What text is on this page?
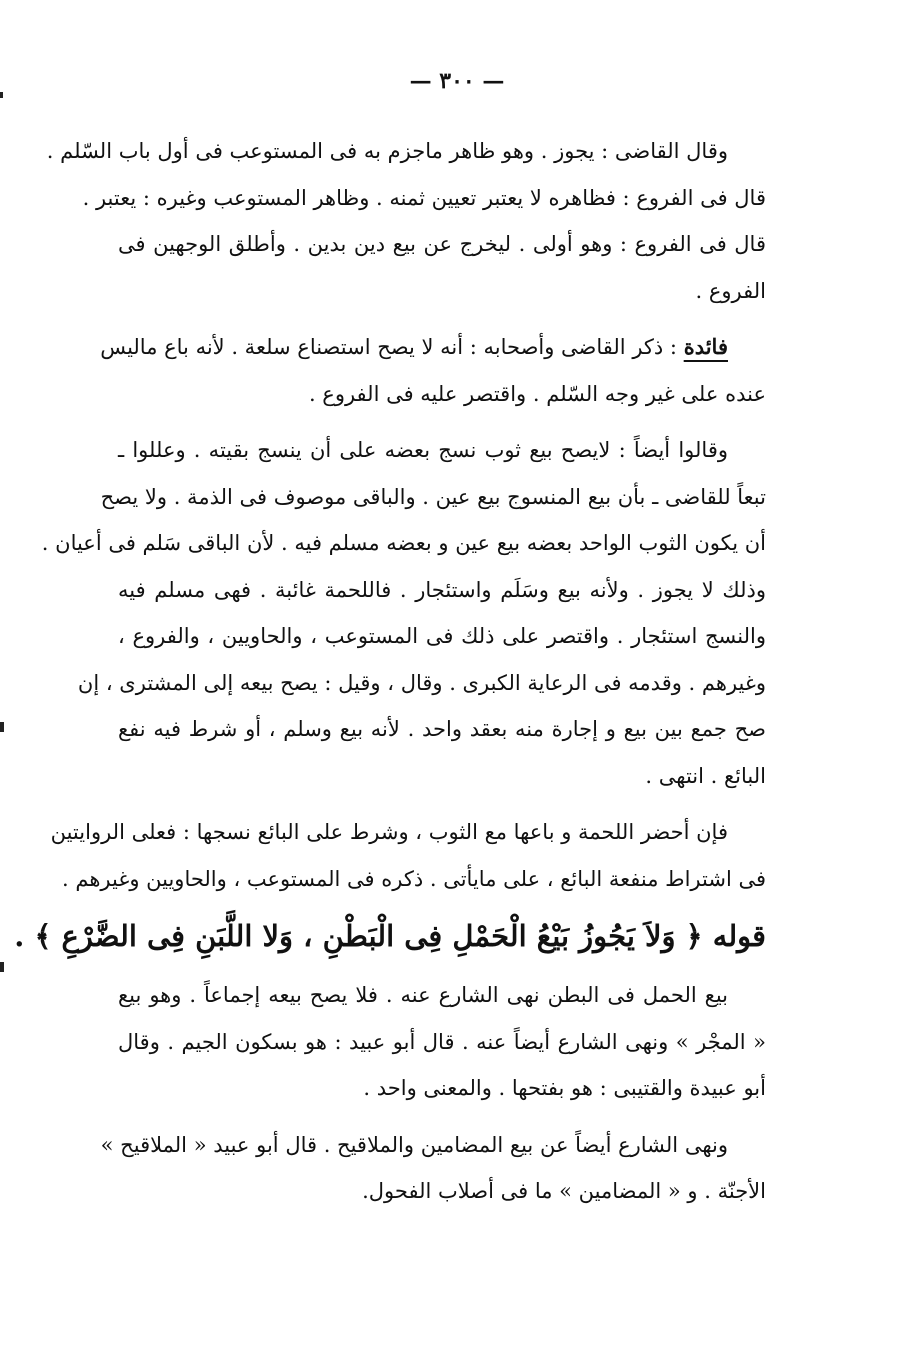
— ٣٠٠ —
وقال القاضى : يجوز . وهو ظاهر ماجزم به فى المستوعب فى أول باب السّلم .
قال فى الفروع : فظاهره لا يعتبر تعيين ثمنه . وظاهر المستوعب وغيره : يعتبر .
قال فى الفروع : وهو أولى . ليخرج عن بيع دين بدين . وأطلق الوجهين فى
الفروع .
فائدة : ذكر القاضى وأصحابه : أنه لا يصح استصناع سلعة . لأنه باع ماليس
عنده على غير وجه السّلم . واقتصر عليه فى الفروع .
وقالوا أيضاً : لايصح بيع ثوب نسج بعضه على أن ينسج بقيته . وعللوا ـ
تبعاً للقاضى ـ بأن بيع المنسوج بيع عين . والباقى موصوف فى الذمة . ولا يصح
أن يكون الثوب الواحد بعضه بيع عين و بعضه مسلم فيه . لأن الباقى سَلم فى أعيان .
وذلك لا يجوز . ولأنه بيع وسَلَم واستئجار . فاللحمة غائبة . فهى مسلم فيه
والنسج استئجار . واقتصر على ذلك فى المستوعب ، والحاويين ، والفروع ،
وغيرهم . وقدمه فى الرعاية الكبرى . وقال ، وقيل : يصح بيعه إلى المشترى ، إن
صح جمع بين بيع و إجارة منه بعقد واحد . لأنه بيع وسلم ، أو شرط فيه نفع
البائع . انتهى .
فإن أحضر اللحمة و باعها مع الثوب ، وشرط على البائع نسجها : فعلى الروايتين
فى اشتراط منفعة البائع ، على مايأتى . ذكره فى المستوعب ، والحاويين وغيرهم .
قوله ﴿ وَلاَ يَجُوزُ بَيْعُ الْحَمْلِ فِى الْبَطْنِ ، وَلا اللَّبَنِ فِى الضَّرْعِ ﴾ .
بيع الحمل فى البطن نهى الشارع عنه . فلا يصح بيعه إجماعاً . وهو بيع
« المجْر » ونهى الشارع أيضاً عنه . قال أبو عبيد : هو بسكون الجيم . وقال
أبو عبيدة والقتيبى : هو بفتحها . والمعنى واحد .
ونهى الشارع أيضاً عن بيع المضامين والملاقيح . قال أبو عبيد « الملاقيح »
الأجنّة . و « المضامين » ما فى أصلاب الفحول.
